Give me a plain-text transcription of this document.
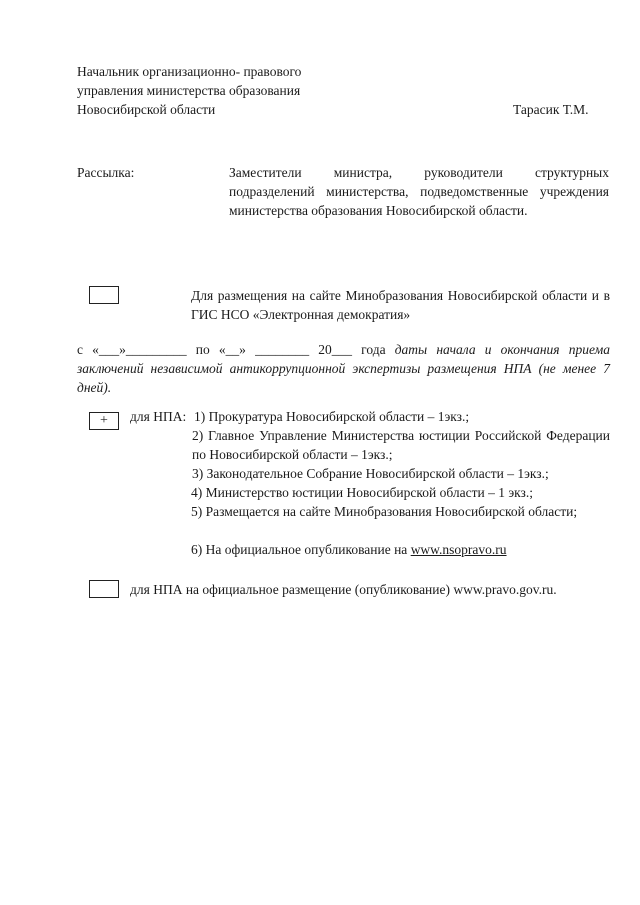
Начальник организационно- правового
управления министерства образования
Новосибирской области	Тарасик Т.М.
Рассылка:	Заместители министра, руководители структурных подразделений министерства, подведомственные учреждения министерства образования Новосибирской области.
Для размещения на сайте Минобразования Новосибирской области и в ГИС НСО «Электронная демократия»
с «___»_________ по «__» ________ 20___ года даты начала и окончания приема заключений независимой антикоррупционной экспертизы размещения НПА (не менее 7 дней).
+	для НПА: 1) Прокуратура Новосибирской области – 1экз.;
2) Главное Управление Министерства юстиции Российской Федерации по Новосибирской области – 1экз.;
3) Законодательное Собрание Новосибирской области – 1экз.;
4) Министерство юстиции Новосибирской области – 1 экз.;
5) Размещается на сайте Минобразования Новосибирской области;
6) На официальное опубликование на www.nsopravo.ru
для НПА на официальное размещение (опубликование) www.pravo.gov.ru.
